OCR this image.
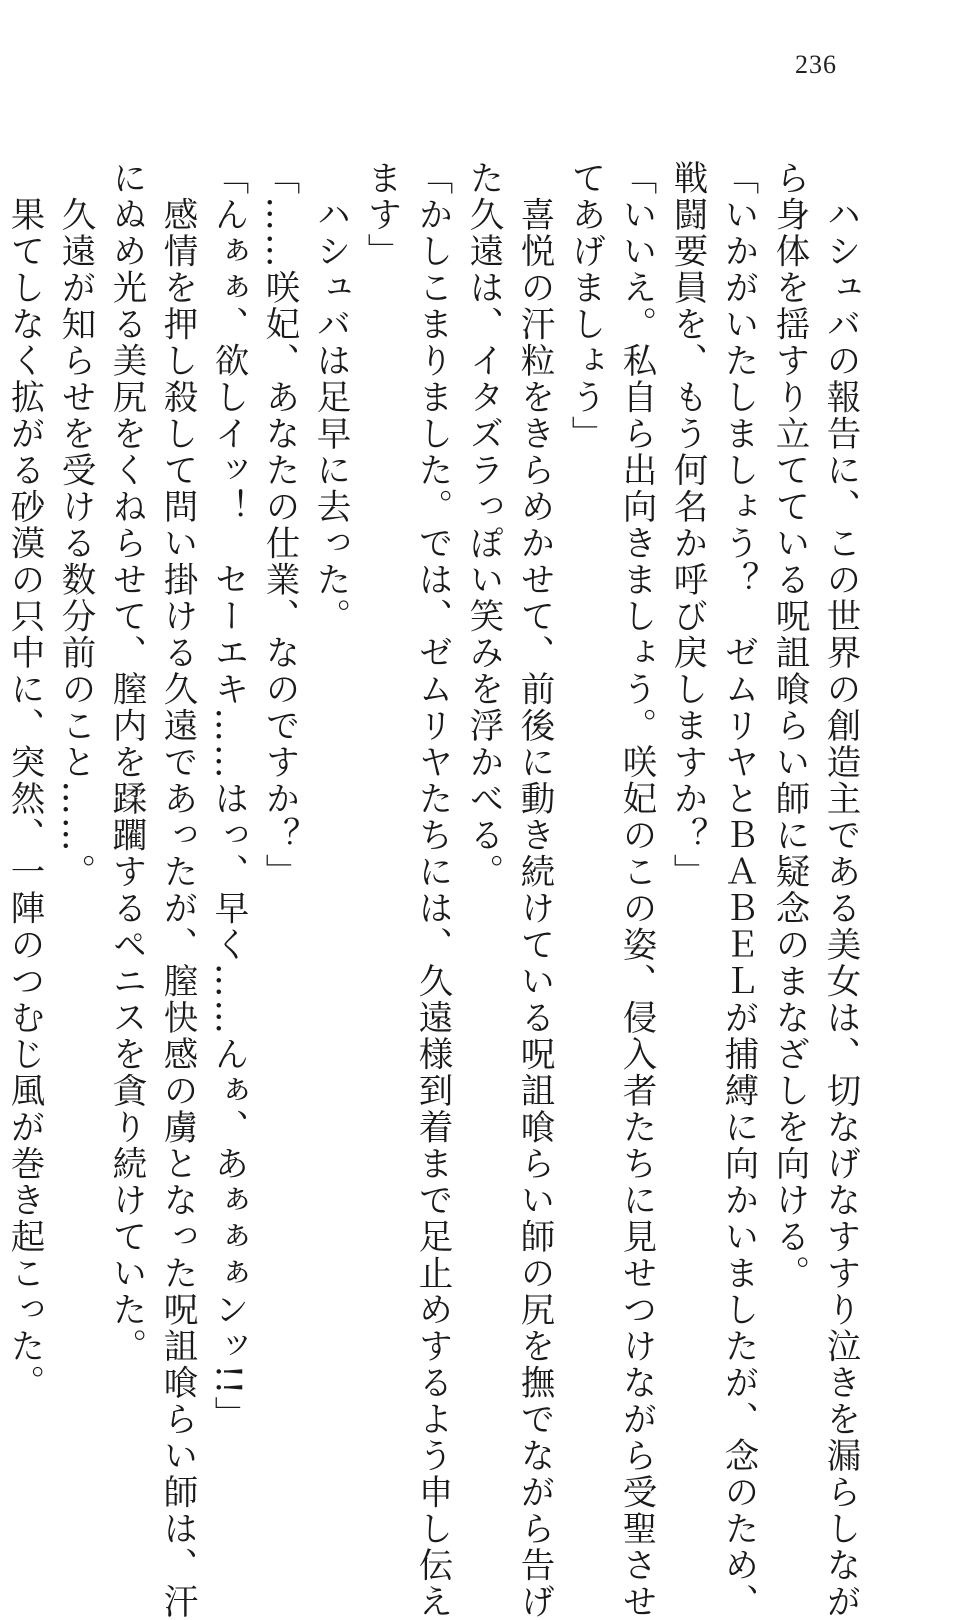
236

　ハシュバの報告に、この世界の創造主である美女は、切なげなすすり泣きを漏らしなが

ら身体を揺すり立てている呪詛喰らい師に疑念のまなざしを向ける。

「いかがいたしましょう？　ゼムリヤとＢＡＢＥＬが捕縛に向かいましたが、念のため、

戦闘要員を、もう何名か呼び戻しますか？」

「いいえ。私自ら出向きましょう。咲妃のこの姿、侵入者たちに見せつけながら受聖させ

てあげましょう」

　喜悦の汗粒をきらめかせて、前後に動き続けている呪詛喰らい師の尻を撫でながら告げ

た久遠は、イタズラっぽい笑みを浮かべる。

「かしこまりました。では、ゼムリヤたちには、久遠様到着まで足止めするよう申し伝え

ます」

　ハシュバは足早に去った。

「……咲妃、あなたの仕業、なのですか？」

「んぁぁ、欲しイッ！　セーエキ……はっ、早く……んぁ、あぁぁぁンッ!!」

　感情を押し殺して問い掛ける久遠であったが、膣快感の虜となった呪詛喰らい師は、汗

にぬめ光る美尻をくねらせて、膣内を蹂躙するペニスを貪り続けていた。

　久遠が知らせを受ける数分前のこと……。

　果てしなく拡がる砂漠の只中に、突然、一陣のつむじ風が巻き起こった。
